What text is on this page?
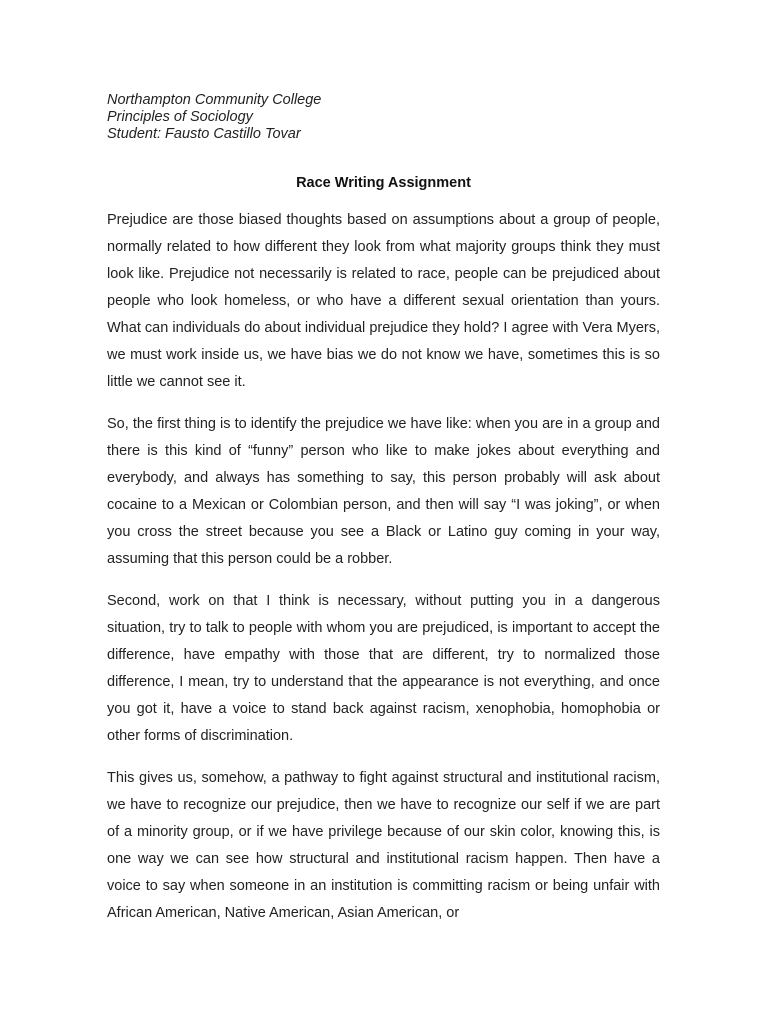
Northampton Community College
Principles of Sociology
Student: Fausto Castillo Tovar
Race Writing Assignment

Prejudice are those biased thoughts based on assumptions about a group of people, normally related to how different they look from what majority groups think they must look like. Prejudice not necessarily is related to race, people can be prejudiced about people who look homeless, or who have a different sexual orientation than yours. What can individuals do about individual prejudice they hold? I agree with Vera Myers, we must work inside us, we have bias we do not know we have, sometimes this is so little we cannot see it.

So, the first thing is to identify the prejudice we have like: when you are in a group and there is this kind of “funny” person who like to make jokes about everything and everybody, and always has something to say, this person probably will ask about cocaine to a Mexican or Colombian person, and then will say “I was joking”, or when you cross the street because you see a Black or Latino guy coming in your way, assuming that this person could be a robber.

Second, work on that I think is necessary, without putting you in a dangerous situation, try to talk to people with whom you are prejudiced, is important to accept the difference, have empathy with those that are different, try to normalized those difference, I mean, try to understand that the appearance is not everything, and once you got it, have a voice to stand back against racism, xenophobia, homophobia or other forms of discrimination.

This gives us, somehow, a pathway to fight against structural and institutional racism, we have to recognize our prejudice, then we have to recognize our self if we are part of a minority group, or if we have privilege because of our skin color, knowing this, is one way we can see how structural and institutional racism happen. Then have a voice to say when someone in an institution is committing racism or being unfair with African American, Native American, Asian American, or
